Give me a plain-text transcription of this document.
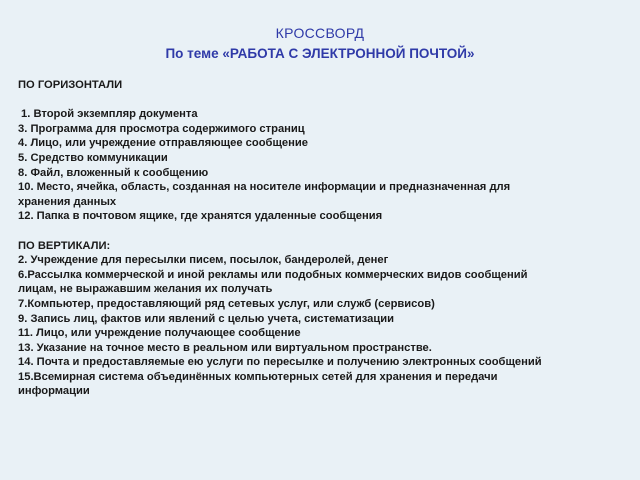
КРОССВОРД
По теме «РАБОТА С ЭЛЕКТРОННОЙ ПОЧТОЙ»
ПО ГОРИЗОНТАЛИ
1. Второй экземпляр документа
3. Программа для просмотра содержимого страниц
4. Лицо, или учреждение отправляющее сообщение
5. Средство коммуникации
8. Файл, вложенный к сообщению
10. Место, ячейка, область, созданная на носителе информации и предназначенная для
хранения данных
12. Папка в почтовом ящике, где хранятся удаленные сообщения
ПО ВЕРТИКАЛИ:
2. Учреждение для пересылки писем, посылок, бандеролей, денег
6.Рассылка коммерческой и иной рекламы или подобных коммерческих видов сообщений
лицам, не выражавшим желания их получать
7.Компьютер, предоставляющий ряд сетевых услуг, или служб (сервисов)
9. Запись лиц, фактов или явлений с целью учета, систематизации
11. Лицо, или учреждение получающее сообщение
13. Указание на точное место в реальном или виртуальном пространстве.
14. Почта и предоставляемые ею услуги по пересылке и получению электронных сообщений
15.Всемирная система объединённых компьютерных сетей для хранения и передачи
информации
